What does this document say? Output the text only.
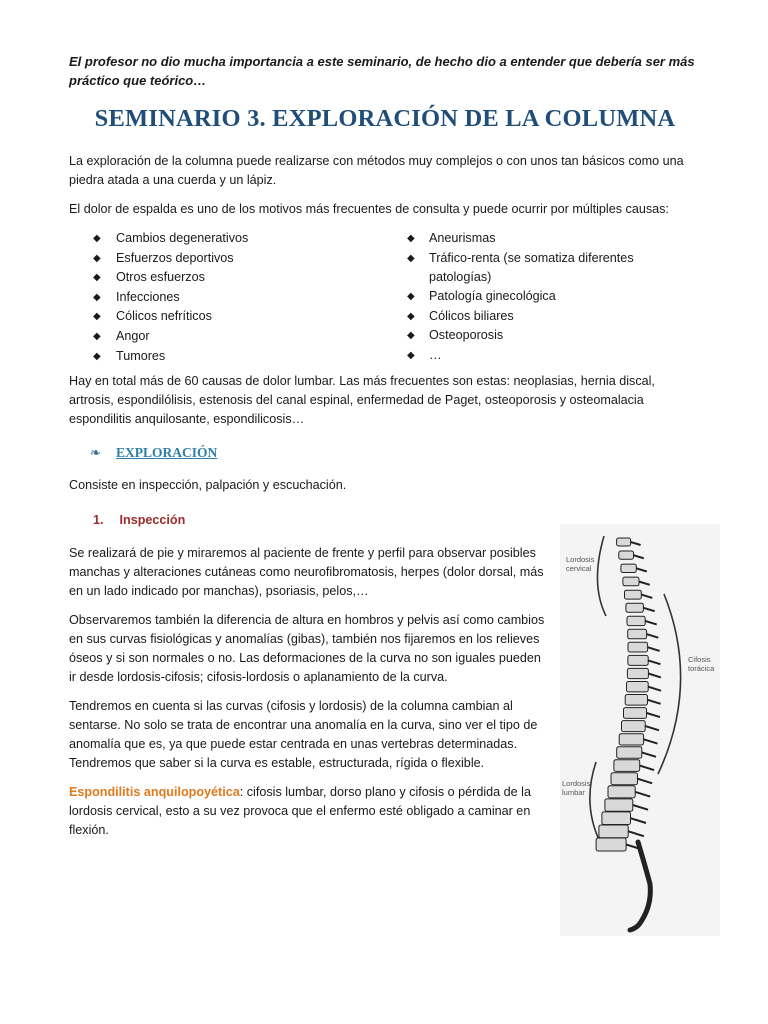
El profesor no dio mucha importancia a este seminario, de hecho dio a entender que debería ser más práctico que teórico…

SEMINARIO 3. EXPLORACIÓN DE LA COLUMNA

La exploración de la columna puede realizarse con métodos muy complejos o con unos tan básicos como una piedra atada a una cuerda y un lápiz.

El dolor de espalda es uno de los motivos más frecuentes de consulta y puede ocurrir por múltiples causas:

◆ Cambios degenerativos
◆ Esfuerzos deportivos
◆ Otros esfuerzos
◆ Infecciones
◆ Cólicos nefríticos
◆ Angor
◆ Tumores
◆ Aneurismas
◆ Tráfico-renta (se somatiza diferentes patologías)
◆ Patología ginecológica
◆ Cólicos biliares
◆ Osteoporosis
◆ …

Hay en total más de 60 causas de dolor lumbar. Las más frecuentes son estas: neoplasias, hernia discal, artrosis, espondilólisis, estenosis del canal espinal, enfermedad de Paget, osteoporosis y osteomalacia espondilitis anquilosante, espondilicosis…

❧	EXPLORACIÓN

Consiste en inspección, palpación y escuchación.

1. Inspección

Se realizará de pie y miraremos al paciente de frente y perfil para observar posibles manchas y alteraciones cutáneas como neurofibromatosis, herpes (dolor dorsal, más en un lado indicado por manchas), psoriasis, pelos,…

Observaremos también la diferencia de altura en hombros y pelvis así como cambios en sus curvas fisiológicas y anomalías (gibas), también nos fijaremos en los relieves óseos y si son normales o no. Las deformaciones de la curva no son iguales pueden ir desde lordosis-cifosis; cifosis-lordosis o aplanamiento de la curva.

Tendremos en cuenta si las curvas (cifosis y lordosis) de la columna cambian al sentarse. No solo se trata de encontrar una anomalía en la curva, sino ver el tipo de anomalía que es, ya que puede estar centrada en unas vertebras determinadas. Tendremos que saber si la curva es estable, estructurada, rígida o flexible.

Espondilitis anquilopoyética: cifosis lumbar, dorso plano y cifosis o pérdida de la lordosis cervical, esto a su vez provoca que el enfermo esté obligado a caminar en flexión.

Lordosis
cervical
Cifosis
torácica
Lordosis
lumbar
